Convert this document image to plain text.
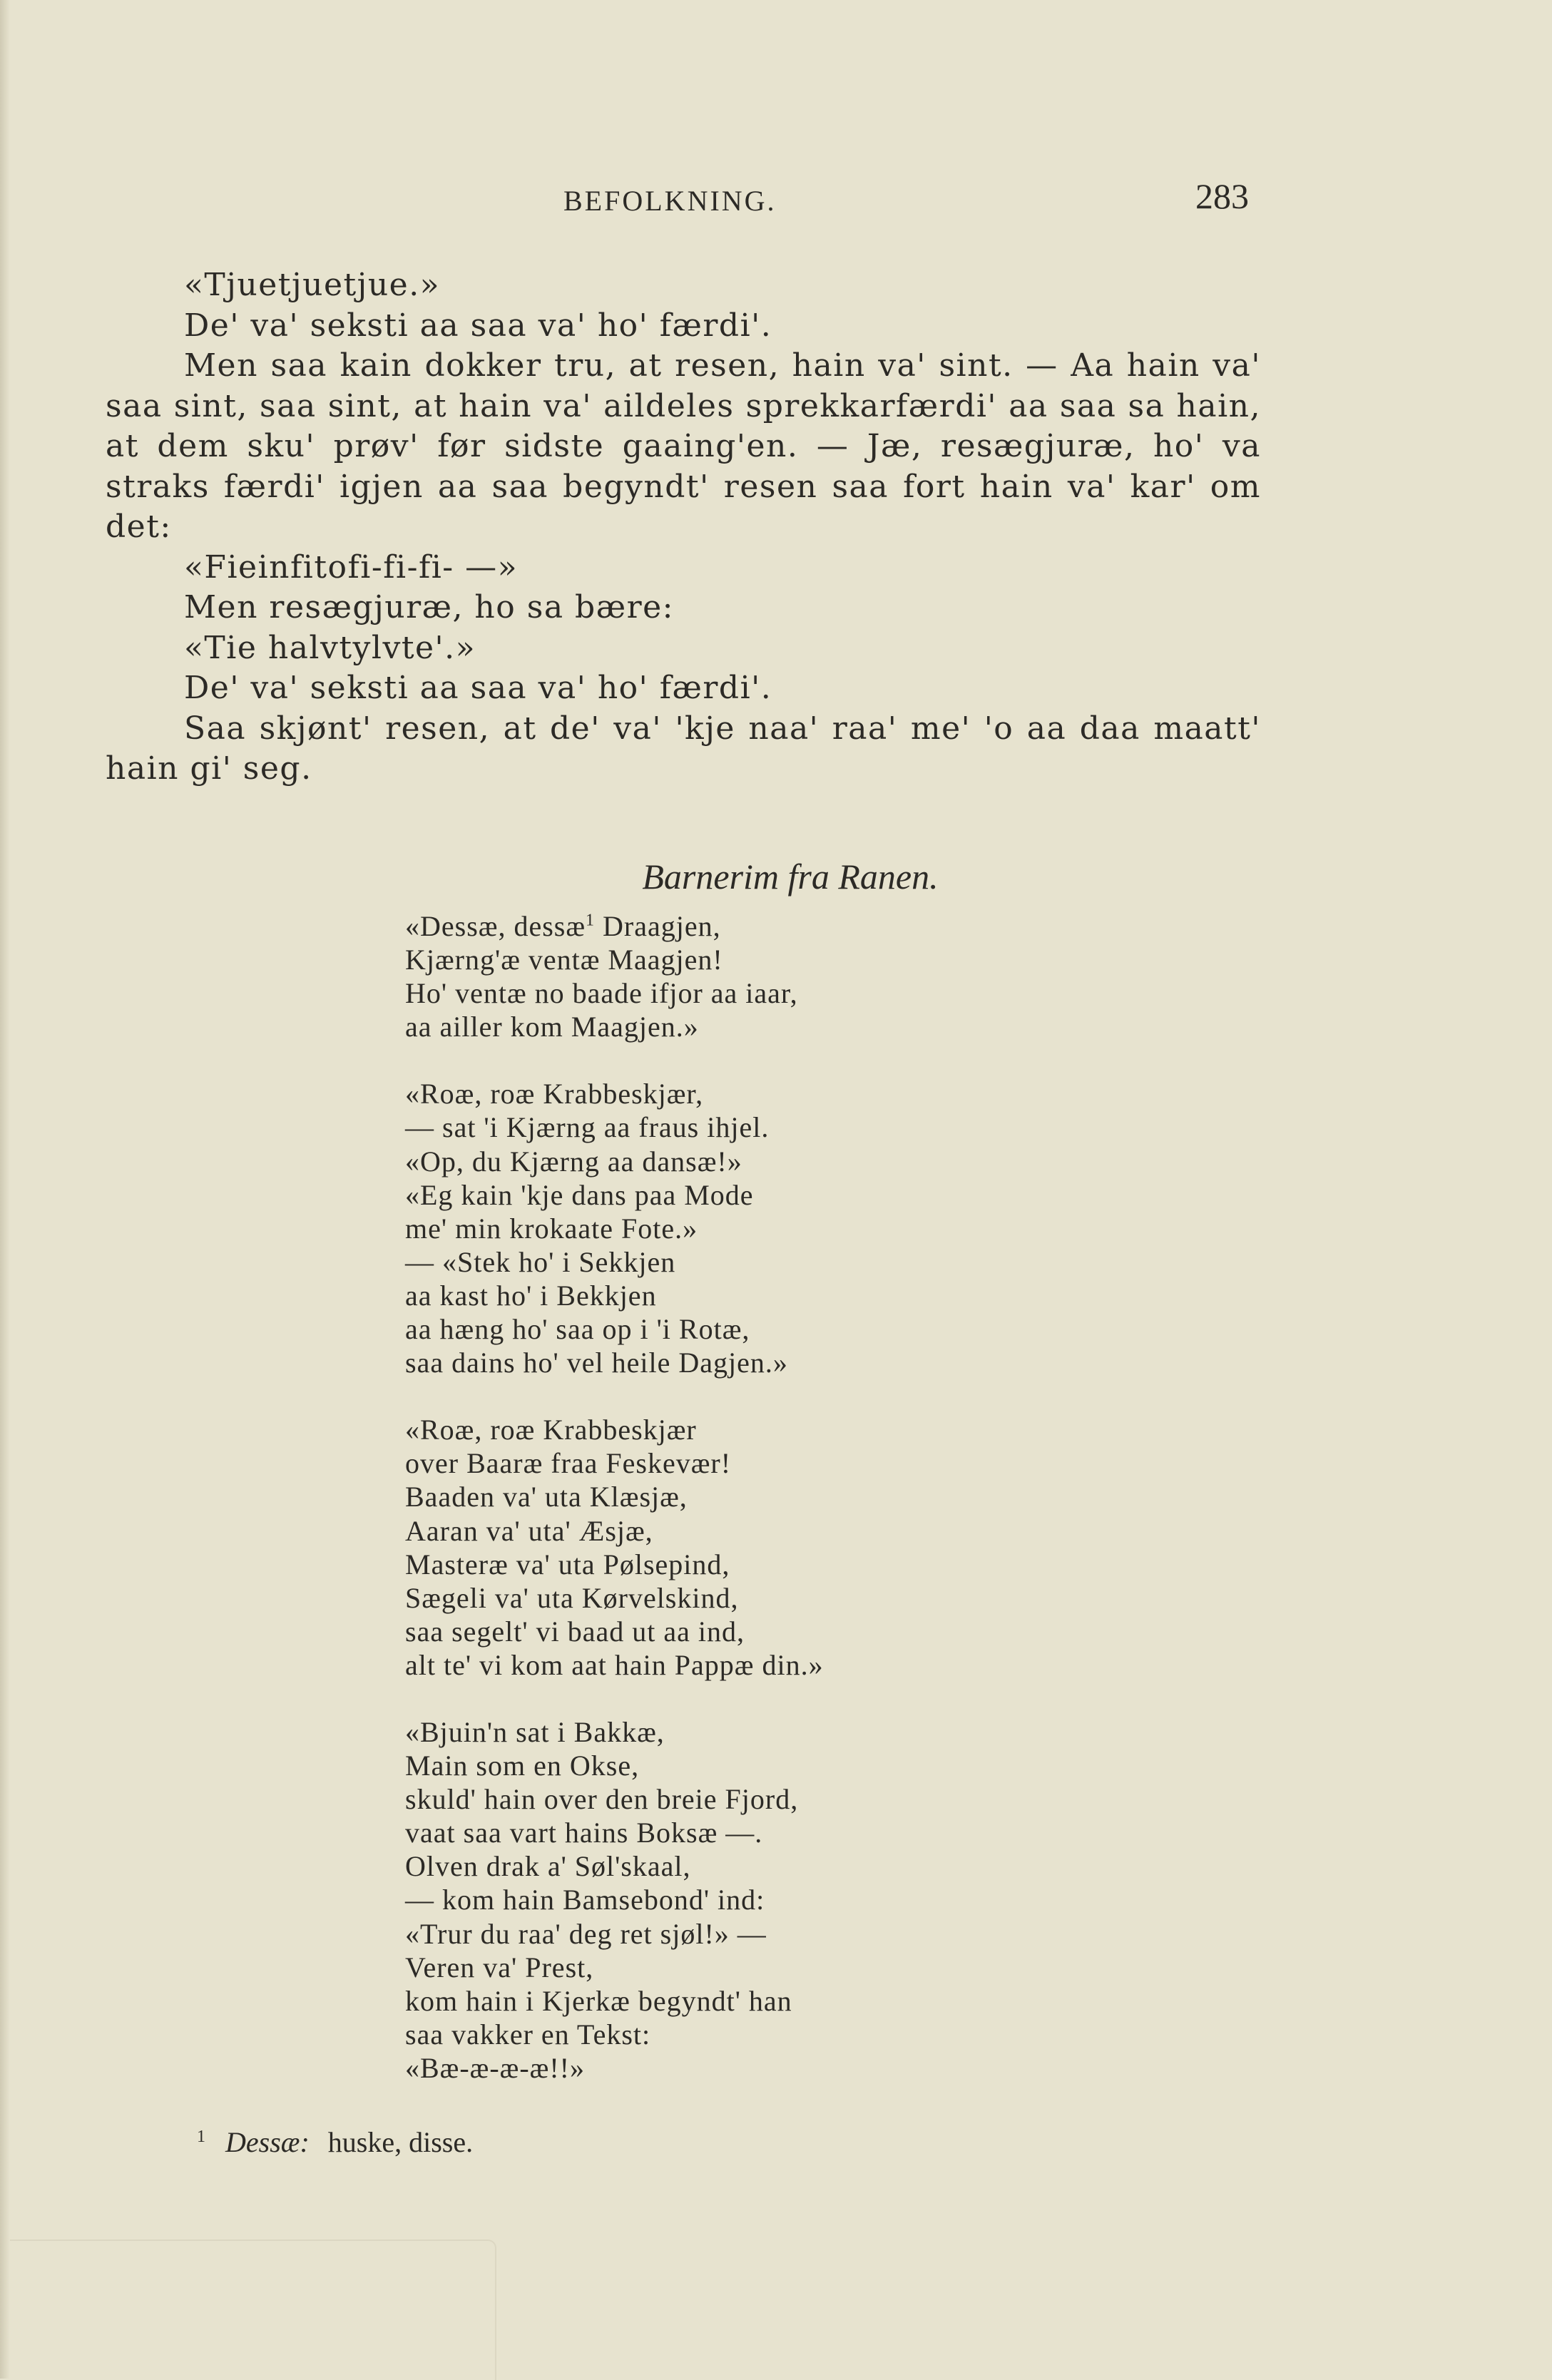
BEFOLKNING.	283

«Tjuetjuetjue.»

De' va' seksti aa saa va' ho' færdi'.

Men saa kain dokker tru, at resen, hain va' sint. — Aa hain va' saa sint, saa sint, at hain va' aildeles sprekkarfærdi' aa saa sa hain, at dem sku' prøv' før sidste gaaing'en. — Jæ, resægjuræ, ho' va straks færdi' igjen aa saa begyndt' resen saa fort hain va' kar' om det:

«Fieinfitofi-fi-fi- —»

Men resægjuræ, ho sa bære:

«Tie halvtylvte'.»

De' va' seksti aa saa va' ho' færdi'.

Saa skjønt' resen, at de' va' 'kje naa' raa' me' 'o aa daa maatt' hain gi' seg.

Barnerim fra Ranen.
«Dessæ, dessæ$^1$ Draagjen,
Kjærng'æ ventæ Maagjen!
Ho' ventæ no baade ifjor aa iaar,
aa ailler kom Maagjen.»
«Roæ, roæ Krabbeskjær,
— sat 'i Kjærng aa fraus ihjel.
«Op, du Kjærng aa dansæ!»
«Eg kain 'kje dans paa Mode
me' min krokaate Fote.»
— «Stek ho' i Sekkjen
aa kast ho' i Bekkjen
aa hæng ho' saa op i 'i Rotæ,
saa dains ho' vel heile Dagjen.»
«Roæ, roæ Krabbeskjær
over Baaræ fraa Feskevær!
Baaden va' uta Klæsjæ,
Aaran va' uta' Æsjæ,
Masteræ va' uta Pølsepind,
Sægeli va' uta Kørvelskind,
saa segelt' vi baad ut aa ind,
alt te' vi kom aat hain Pappæ din.»
«Bjuin'n sat i Bakkæ,
Main som en Okse,
skuld' hain over den breie Fjord,
vaat saa vart hains Boksæ —.
Olven drak a' Søl'skaal,
— kom hain Bamsebond' ind:
«Trur du raa' deg ret sjøl!» —
Veren va' Prest,
kom hain i Kjerkæ begyndt' han
saa vakker en Tekst:
«Bæ-æ-æ-æ!!»
$^1$ Dessæ: huske, disse.
